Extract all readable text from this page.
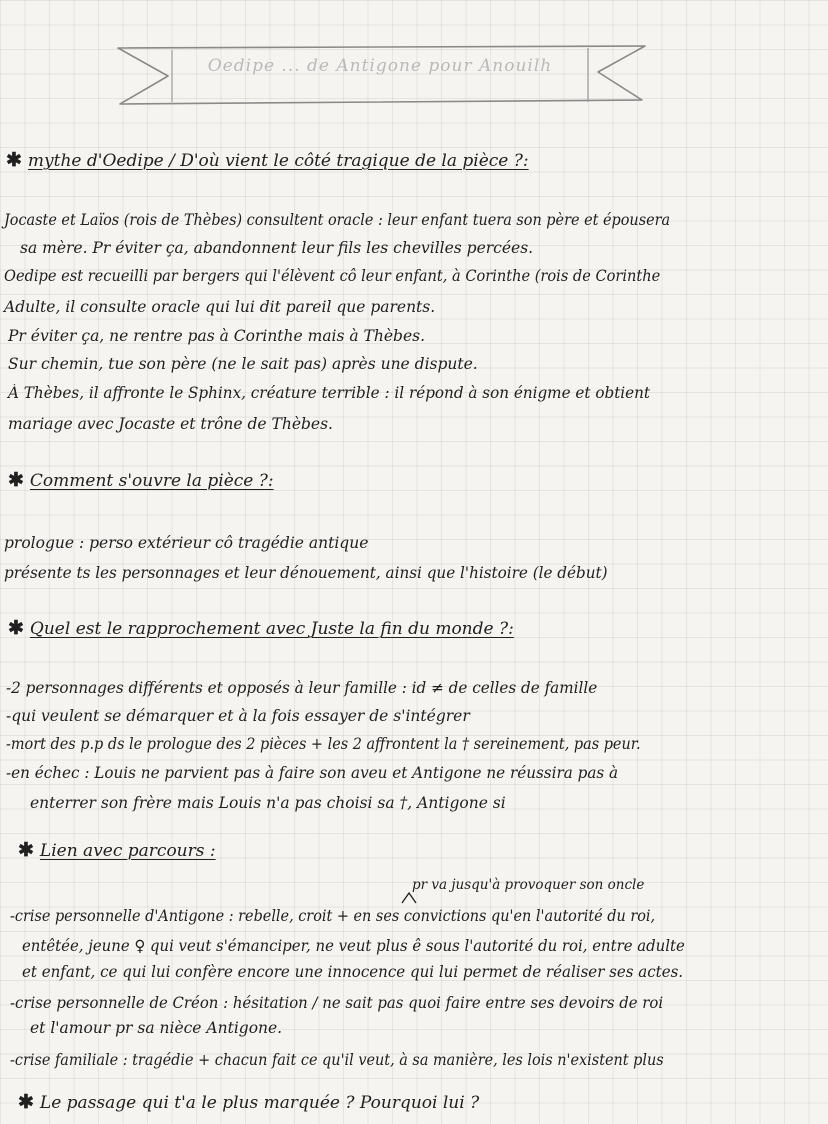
Oedipe ... de Antigone pour Anouilh
✱ mythe d'Oedipe / D'où vient le côté tragique de la pièce ?:
Jocaste et Laïos (rois de Thèbes) consultent oracle : leur enfant tuera son père et épousera
sa mère. Pr éviter ça, abandonnent leur fils les chevilles percées.
Oedipe est recueilli par bergers qui l'élèvent cô leur enfant, à Corinthe (rois de Corinthe
Adulte, il consulte oracle qui lui dit pareil que parents.
Pr éviter ça, ne rentre pas à Corinthe mais à Thèbes.
Sur chemin, tue son père (ne le sait pas) après une dispute.
À Thèbes, il affronte le Sphinx, créature terrible : il répond à son énigme et obtient
mariage avec Jocaste et trône de Thèbes.
✱ Comment s'ouvre la pièce ?:
prologue : perso extérieur cô tragédie antique
présente ts les personnages et leur dénouement, ainsi que l'histoire (le début)
✱ Quel est le rapprochement avec Juste la fin du monde ?:
-2 personnages différents et opposés à leur famille : id ≠ de celles de famille
-qui veulent se démarquer et à la fois essayer de s'intégrer
-mort des p.p ds le prologue des 2 pièces + les 2 affrontent la † sereinement, pas peur.
-en échec : Louis ne parvient pas à faire son aveu et Antigone ne réussira pas à
enterrer son frère mais Louis n'a pas choisi sa †, Antigone si
✱ Lien avec parcours :
pr va jusqu'à provoquer son oncle
-crise personnelle d'Antigone : rebelle, croit + en ses convictions qu'en l'autorité du roi,
entêtée, jeune ♀ qui veut s'émanciper, ne veut plus ê sous l'autorité du roi, entre adulte
et enfant, ce qui lui confère encore une innocence qui lui permet de réaliser ses actes.
-crise personnelle de Créon : hésitation / ne sait pas quoi faire entre ses devoirs de roi
et l'amour pr sa nièce Antigone.
-crise familiale : tragédie + chacun fait ce qu'il veut, à sa manière, les lois n'existent plus
✱ Le passage qui t'a le plus marquée ? Pourquoi lui ?
